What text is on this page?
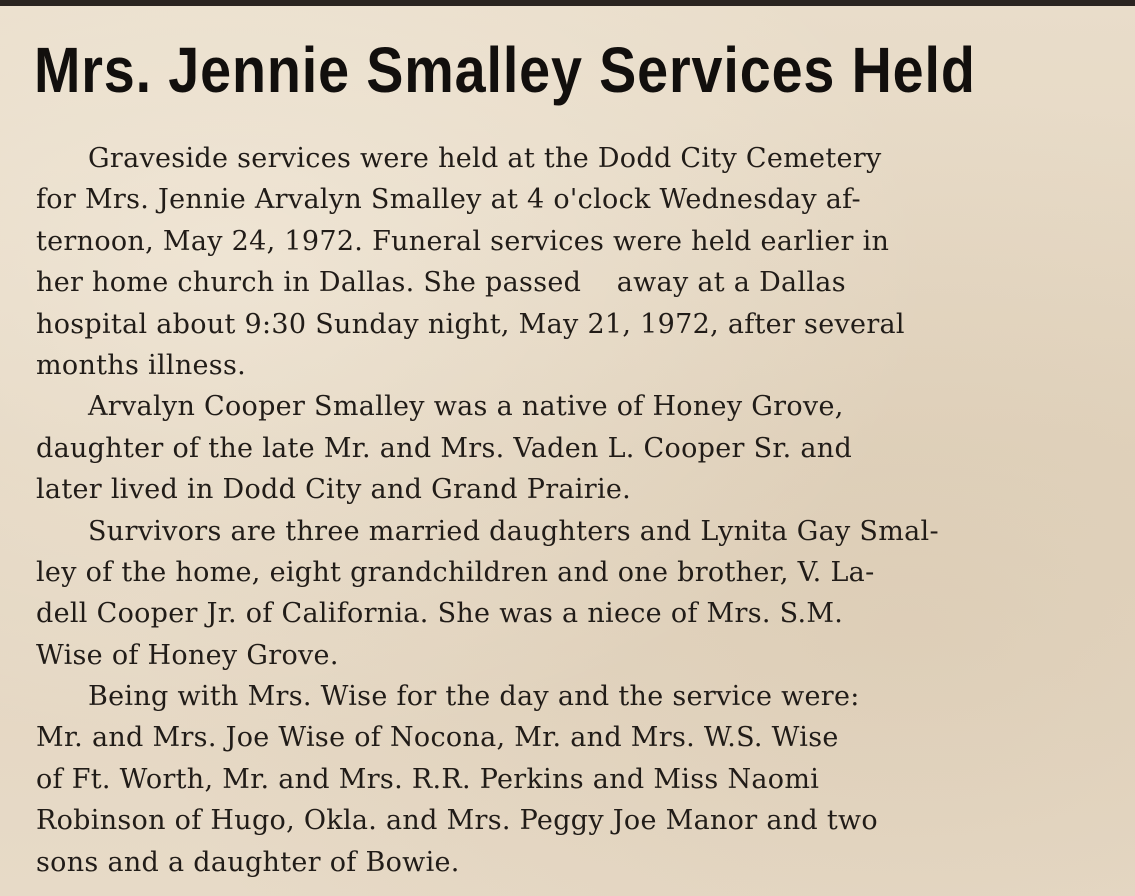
Mrs. Jennie Smalley Services Held
Graveside services were held at the Dodd City Cemetery
for Mrs. Jennie Arvalyn Smalley at 4 o'clock Wednesday af-
ternoon, May 24, 1972. Funeral services were held earlier in
her home church in Dallas. She passed    away at a Dallas
hospital about 9:30 Sunday night, May 21, 1972, after several
months illness.
Arvalyn Cooper Smalley was a native of Honey Grove,
daughter of the late Mr. and Mrs. Vaden L. Cooper Sr. and
later lived in Dodd City and Grand Prairie.
Survivors are three married daughters and Lynita Gay Smal-
ley of the home, eight grandchildren and one brother, V. La-
dell Cooper Jr. of California. She was a niece of Mrs. S.M.
Wise of Honey Grove.
Being with Mrs. Wise for the day and the service were:
Mr. and Mrs. Joe Wise of Nocona, Mr. and Mrs. W.S. Wise
of Ft. Worth, Mr. and Mrs. R.R. Perkins and Miss Naomi
Robinson of Hugo, Okla. and Mrs. Peggy Joe Manor and two
sons and a daughter of Bowie.
